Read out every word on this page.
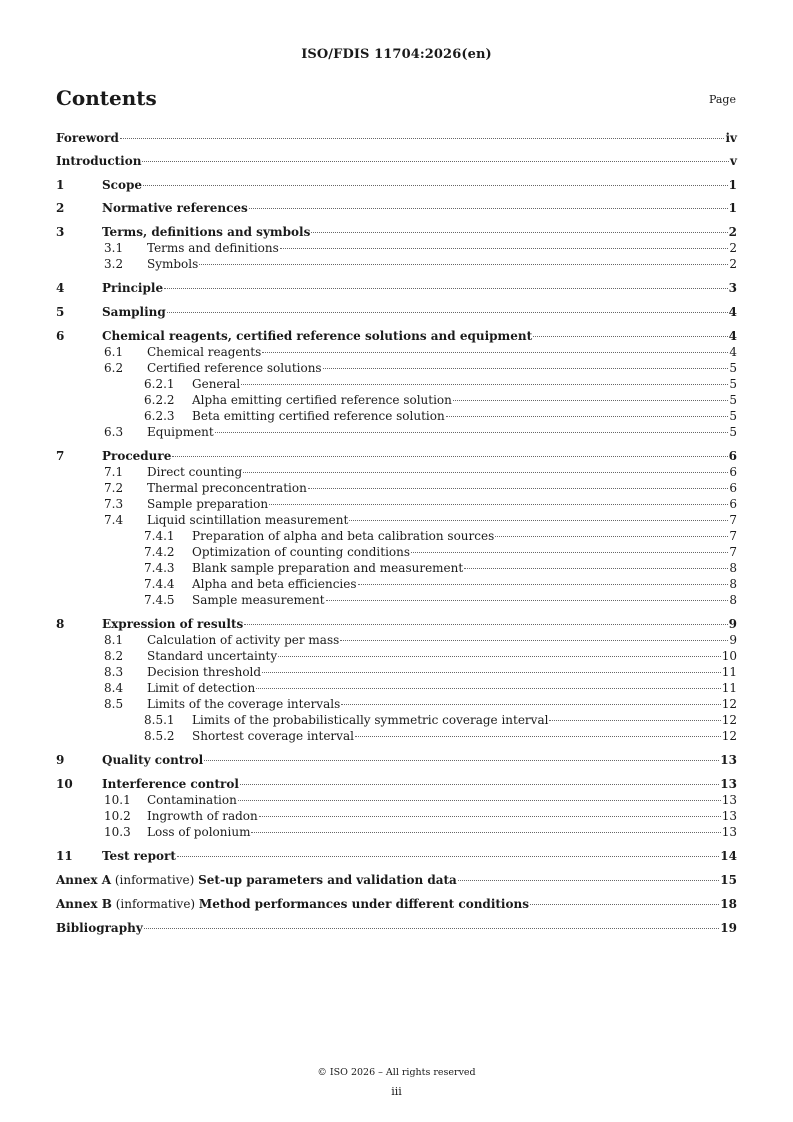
ISO/FDIS 11704:2026(en)
Contents	Page
Foreword	iv
Introduction	v
1	Scope	1
2	Normative references	1
3	Terms, definitions and symbols	2
3.1	Terms and definitions	2
3.2	Symbols	2
4	Principle	3
5	Sampling	4
6	Chemical reagents, certified reference solutions and equipment	4
6.1	Chemical reagents	4
6.2	Certified reference solutions	5
6.2.1	General	5
6.2.2	Alpha emitting certified reference solution	5
6.2.3	Beta emitting certified reference solution	5
6.3	Equipment	5
7	Procedure	6
7.1	Direct counting	6
7.2	Thermal preconcentration	6
7.3	Sample preparation	6
7.4	Liquid scintillation measurement	7
7.4.1	Preparation of alpha and beta calibration sources	7
7.4.2	Optimization of counting conditions	7
7.4.3	Blank sample preparation and measurement	8
7.4.4	Alpha and beta efficiencies	8
7.4.5	Sample measurement	8
8	Expression of results	9
8.1	Calculation of activity per mass	9
8.2	Standard uncertainty	10
8.3	Decision threshold	11
8.4	Limit of detection	11
8.5	Limits of the coverage intervals	12
8.5.1	Limits of the probabilistically symmetric coverage interval	12
8.5.2	Shortest coverage interval	12
9	Quality control	13
10	Interference control	13
10.1	Contamination	13
10.2	Ingrowth of radon	13
10.3	Loss of polonium	13
11	Test report	14
Annex A (informative) Set-up parameters and validation data	15
Annex B (informative) Method performances under different conditions	18
Bibliography	19
© ISO 2026 – All rights reserved
iii
